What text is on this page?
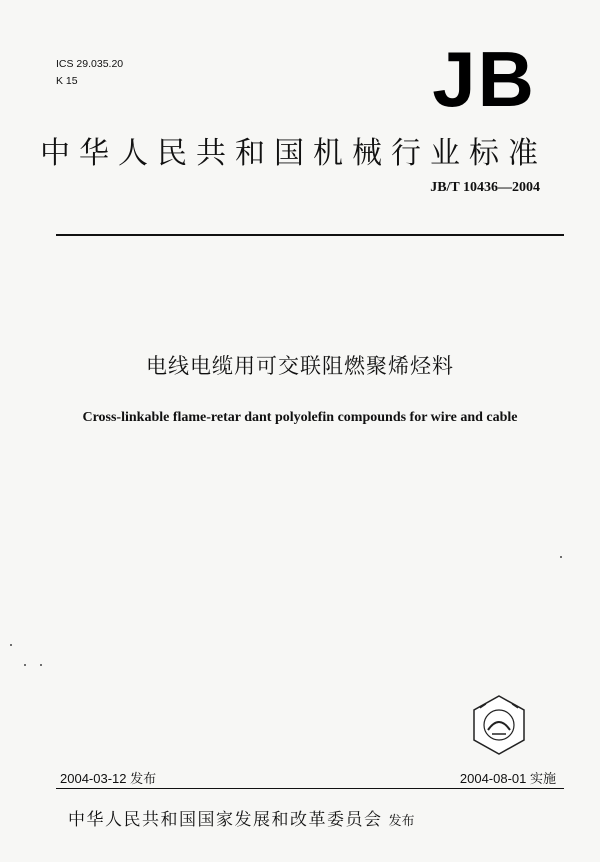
ICS 29.035.20
K 15	JB
中华人民共和国机械行业标准
JB/T 10436—2004
电线电缆用可交联阻燃聚烯烃料
Cross-linkable flame-retar dant polyolefin compounds for wire and cable
2004-03-12 发布	2004-08-01 实施
中华人民共和国国家发展和改革委员会 发布
